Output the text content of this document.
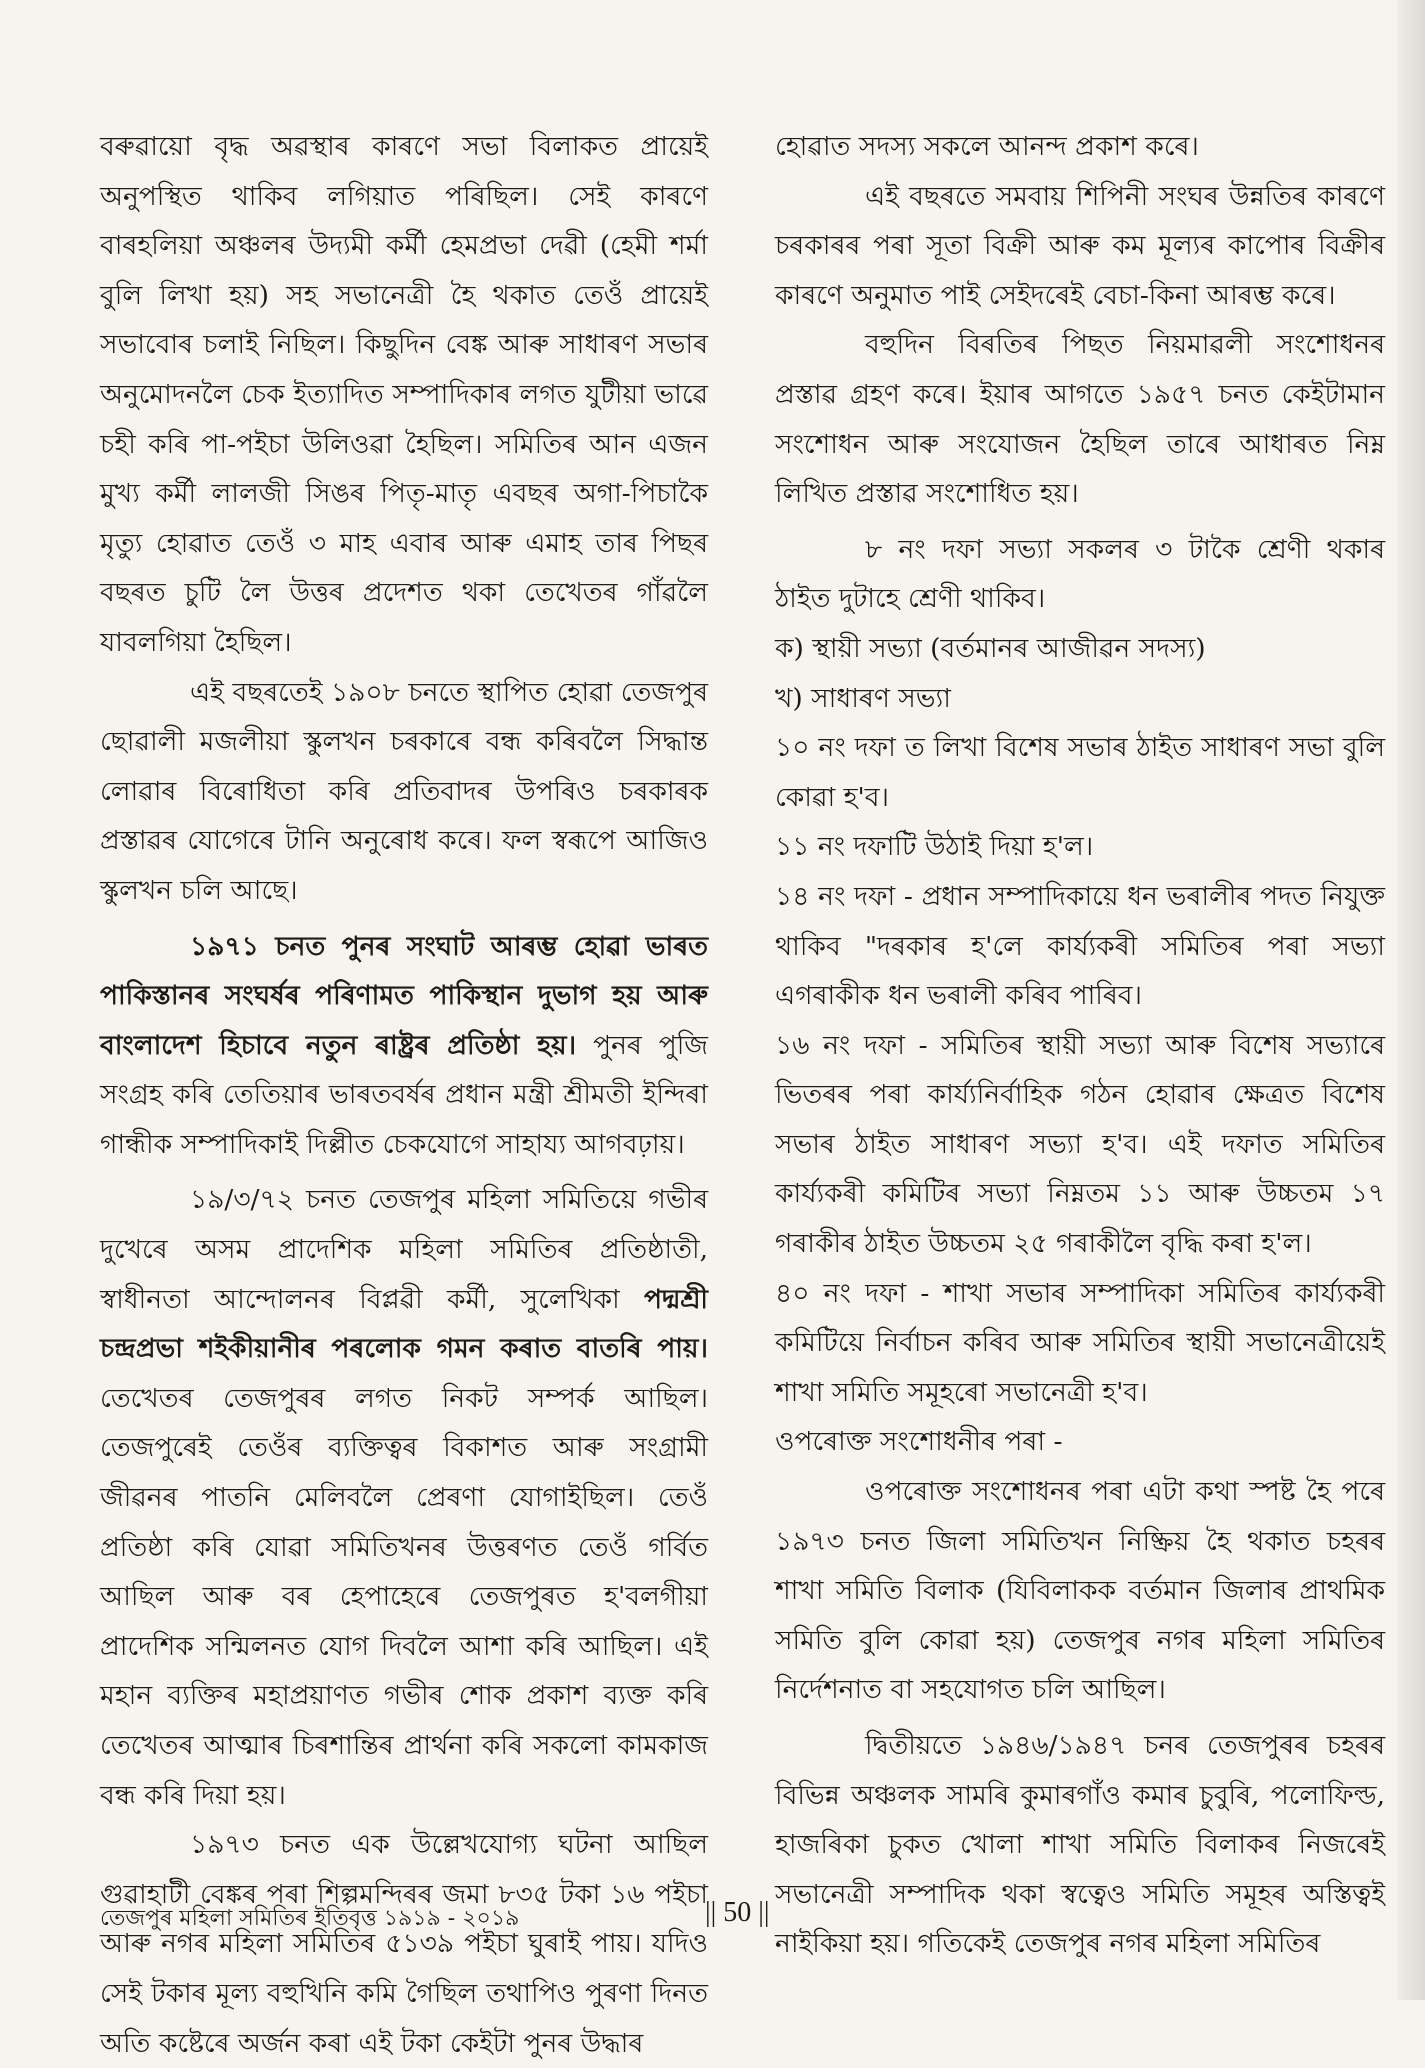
বৰুৱায়ো বৃদ্ধ অৱস্থাৰ কাৰণে সভা বিলাকত প্ৰায়েই অনুপস্থিত থাকিব লগিয়াত পৰিছিল। সেই কাৰণে বাৰহলিয়া অঞ্চলৰ উদ্যমী কৰ্মী হেমপ্ৰভা দেৱী (হেমী শৰ্মা বুলি লিখা হয়) সহ সভানেত্ৰী হৈ থকাত তেওঁ প্ৰায়েই সভাবোৰ চলাই নিছিল। কিছুদিন বেঙ্ক আৰু সাধাৰণ সভাৰ অনুমোদনলৈ চেক ইত্যাদিত সম্পাদিকাৰ লগত যুটীয়া ভাৱে চহী কৰি পা-পইচা উলিওৱা হৈছিল। সমিতিৰ আন এজন মুখ্য কৰ্মী লালজী সিঙৰ পিতৃ-মাতৃ এবছৰ অগা-পিচাকৈ মৃত্যু হোৱাত তেওঁ ৩ মাহ এবাৰ আৰু এমাহ তাৰ পিছৰ বছৰত চুটি লৈ উত্তৰ প্ৰদেশত থকা তেখেতৰ গাঁৱলৈ যাবলগিয়া হৈছিল।

এই বছৰতেই ১৯০৮ চনতে স্থাপিত হোৱা তেজপুৰ ছোৱালী মজলীয়া স্কুলখন চৰকাৰে বন্ধ কৰিবলৈ সিদ্ধান্ত লোৱাৰ বিৰোধিতা কৰি প্ৰতিবাদৰ উপৰিও চৰকাৰক প্ৰস্তাৱৰ যোগেৰে টানি অনুৰোধ কৰে। ফল স্বৰূপে আজিও স্কুলখন চলি আছে।

১৯৭১ চনত পুনৰ সংঘাট আৰম্ভ হোৱা ভাৰত পাকিস্তানৰ সংঘৰ্ষৰ পৰিণামত পাকিস্থান দুভাগ হয় আৰু বাংলাদেশ হিচাবে নতুন ৰাষ্ট্ৰৰ প্ৰতিষ্ঠা হয়। পুনৰ পুজি সংগ্ৰহ কৰি তেতিয়াৰ ভাৰতবৰ্ষৰ প্ৰধান মন্ত্ৰী শ্ৰীমতী ইন্দিৰা গান্ধীক সম্পাদিকাই দিল্লীত চেকযোগে সাহায্য আগবঢ়ায়।

১৯/৩/৭২ চনত তেজপুৰ মহিলা সমিতিয়ে গভীৰ দুখেৰে অসম প্ৰাদেশিক মহিলা সমিতিৰ প্ৰতিষ্ঠাতী, স্বাধীনতা আন্দোলনৰ বিপ্লৱী কৰ্মী, সুলেখিকা পদ্মশ্ৰী চন্দ্ৰপ্ৰভা শইকীয়ানীৰ পৰলোক গমন কৰাত বাতৰি পায়। তেখেতৰ তেজপুৰৰ লগত নিকট সম্পৰ্ক আছিল। তেজপুৰেই তেওঁৰ ব্যক্তিত্বৰ বিকাশত আৰু সংগ্ৰামী জীৱনৰ পাতনি মেলিবলৈ প্ৰেৰণা যোগাইছিল। তেওঁ প্ৰতিষ্ঠা কৰি যোৱা সমিতিখনৰ উত্তৰণত তেওঁ গৰ্বিত আছিল আৰু বৰ হেপাহেৰে তেজপুৰত হ'বলগীয়া প্ৰাদেশিক সন্মিলনত যোগ দিবলৈ আশা কৰি আছিল। এই মহান ব্যক্তিৰ মহাপ্ৰয়াণত গভীৰ শোক প্ৰকাশ ব্যক্ত কৰি তেখেতৰ আত্মাৰ চিৰশান্তিৰ প্ৰাৰ্থনা কৰি সকলো কামকাজ বন্ধ কৰি দিয়া হয়।

১৯৭৩ চনত এক উল্লেখযোগ্য ঘটনা আছিল গুৱাহাটী বেঙ্কৰ পৰা শিল্পমন্দিৰৰ জমা ৮৩৫ টকা ১৬ পইচা আৰু নগৰ মহিলা সমিতিৰ ৫১৩৯ পইচা ঘুৰাই পায়। যদিও সেই টকাৰ মূল্য বহুখিনি কমি গৈছিল তথাপিও পুৰণা দিনত অতি কষ্টেৰে অৰ্জন কৰা এই টকা কেইটা পুনৰ উদ্ধাৰ

হোৱাত সদস্য সকলে আনন্দ প্ৰকাশ কৰে।

এই বছৰতে সমবায় শিপিনী সংঘৰ উন্নতিৰ কাৰণে চৰকাৰৰ পৰা সূতা বিক্ৰী আৰু কম মূল্যৰ কাপোৰ বিক্ৰীৰ কাৰণে অনুমাত পাই সেইদৰেই বেচা-কিনা আৰম্ভ কৰে।

বহুদিন বিৰতিৰ পিছত নিয়মাৱলী সংশোধনৰ প্ৰস্তাৱ গ্ৰহণ কৰে। ইয়াৰ আগতে ১৯৫৭ চনত কেইটামান সংশোধন আৰু সংযোজন হৈছিল তাৰে আধাৰত নিম্ন লিখিত প্ৰস্তাৱ সংশোধিত হয়।

৮ নং দফা সভ্যা সকলৰ ৩ টাকৈ শ্ৰেণী থকাৰ ঠাইত দুটাহে শ্ৰেণী থাকিব।

ক) স্থায়ী সভ্যা (বৰ্তমানৰ আজীৱন সদস্য)

খ) সাধাৰণ সভ্যা

১০ নং দফা ত লিখা বিশেষ সভাৰ ঠাইত সাধাৰণ সভা বুলি কোৱা হ'ব।

১১ নং দফাটি উঠাই দিয়া হ'ল।

১৪ নং দফা - প্ৰধান সম্পাদিকায়ে ধন ভৰালীৰ পদত নিযুক্ত থাকিব "দৰকাৰ হ'লে কাৰ্য্যকৰী সমিতিৰ পৰা সভ্যা এগৰাকীক ধন ভৰালী কৰিব পাৰিব।

১৬ নং দফা - সমিতিৰ স্থায়ী সভ্যা আৰু বিশেষ সভ্যাৰে ভিতৰৰ পৰা কাৰ্য্যনিৰ্বাহিক গঠন হোৱাৰ ক্ষেত্ৰত বিশেষ সভাৰ ঠাইত সাধাৰণ সভ্যা হ'ব। এই দফাত সমিতিৰ কাৰ্য্যকৰী কমিটিৰ সভ্যা নিম্নতম ১১ আৰু উচ্চতম ১৭ গৰাকীৰ ঠাইত উচ্চতম ২৫ গৰাকীলৈ বৃদ্ধি কৰা হ'ল।

৪০ নং দফা - শাখা সভাৰ সম্পাদিকা সমিতিৰ কাৰ্য্যকৰী কমিটিয়ে নিৰ্বাচন কৰিব আৰু সমিতিৰ স্থায়ী সভানেত্ৰীয়েই শাখা সমিতি সমূহৰো সভানেত্ৰী হ'ব।

ওপৰোক্ত সংশোধনীৰ পৰা -

ওপৰোক্ত সংশোধনৰ পৰা এটা কথা স্পষ্ট হৈ পৰে ১৯৭৩ চনত জিলা সমিতিখন নিষ্ক্ৰিয় হৈ থকাত চহৰৰ শাখা সমিতি বিলাক (যিবিলাকক বৰ্তমান জিলাৰ প্ৰাথমিক সমিতি বুলি কোৱা হয়) তেজপুৰ নগৰ মহিলা সমিতিৰ নিৰ্দেশনাত বা সহযোগত চলি আছিল।

দ্বিতীয়তে ১৯৪৬/১৯৪৭ চনৰ তেজপুৰৰ চহৰৰ বিভিন্ন অঞ্চলক সামৰি কুমাৰগাঁও কমাৰ চুবুৰি, পলোফিল্ড, হাজৰিকা চুকত খোলা শাখা সমিতি বিলাকৰ নিজৰেই সভানেত্ৰী সম্পাদিক থকা স্বত্বেও সমিতি সমূহৰ অস্তিত্বই নাইকিয়া হয়। গতিকেই তেজপুৰ নগৰ মহিলা সমিতিৰ

তেজপুৰ মহিলা সমিতিৰ ইতিবৃত্ত ১৯১৯ - ২০১৯	|| 50 ||
